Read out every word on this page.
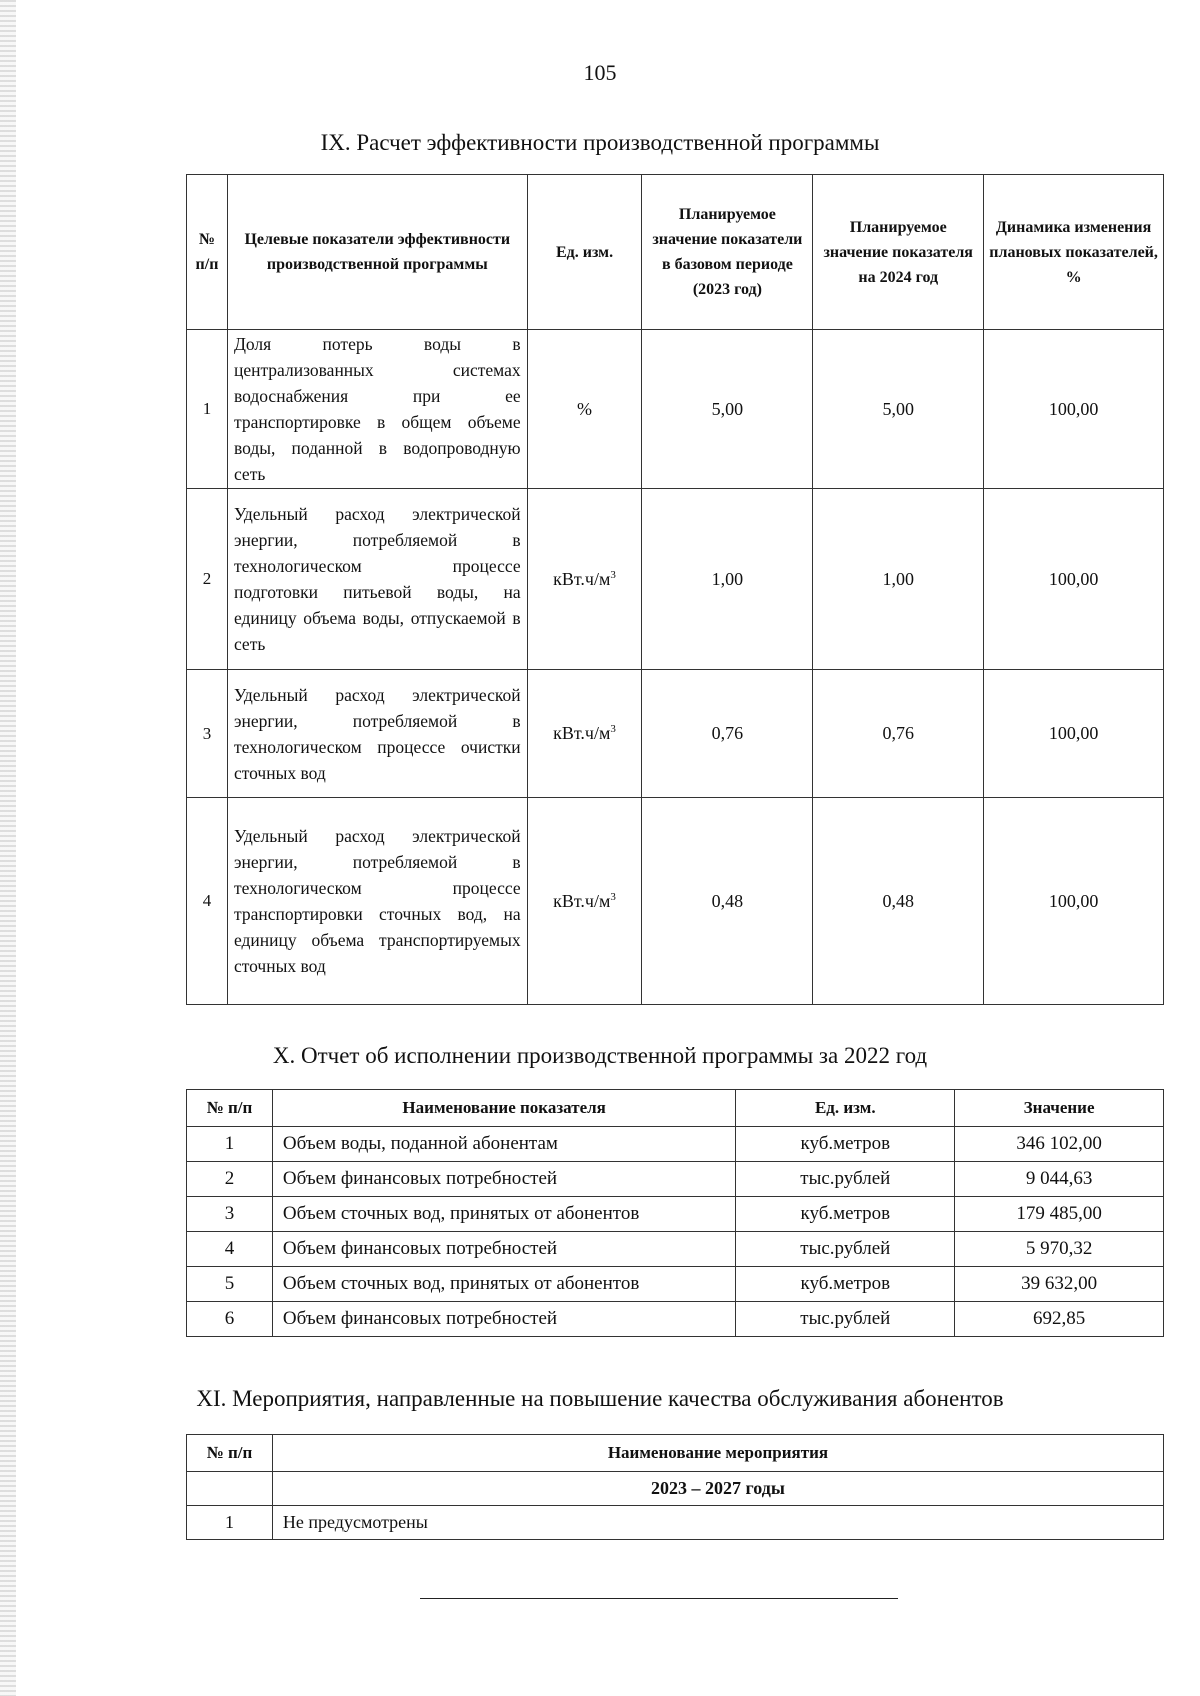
105
IX. Расчет эффективности производственной программы
№ п/п	Целевые показатели эффективности производственной программы	Ед. изм.	Планируемое значение показатели в базовом периоде (2023 год)	Планируемое значение показателя на 2024 год	Динамика изменения плановых показателей, %
1	Доля потерь воды в централизованных системах водоснабжения при ее транспортировке в общем объеме воды, поданной в водопроводную сеть	%	5,00	5,00	100,00
2	Удельный расход электрической энергии, потребляемой в технологическом процессе подготовки питьевой воды, на единицу объема воды, отпускаемой в сеть	$кВт.ч/м^3$	1,00	1,00	100,00
3	Удельный расход электрической энергии, потребляемой в технологическом процессе очистки сточных вод	$кВт.ч/м^3$	0,76	0,76	100,00
4	Удельный расход электрической энергии, потребляемой в технологическом процессе транспортировки сточных вод, на единицу объема транспортируемых сточных вод	$кВт.ч/м^3$	0,48	0,48	100,00
X. Отчет об исполнении производственной программы за 2022 год
№ п/п	Наименование показателя	Ед. изм.	Значение
1	Объем воды, поданной абонентам	куб.метров	346 102,00
2	Объем финансовых потребностей	тыс.рублей	9 044,63
3	Объем сточных вод, принятых от абонентов	куб.метров	179 485,00
4	Объем финансовых потребностей	тыс.рублей	5 970,32
5	Объем сточных вод, принятых от абонентов	куб.метров	39 632,00
6	Объем финансовых потребностей	тыс.рублей	692,85
XI. Мероприятия, направленные на повышение качества обслуживания абонентов
№ п/п	Наименование мероприятия
	2023 – 2027 годы
1	Не предусмотрены
